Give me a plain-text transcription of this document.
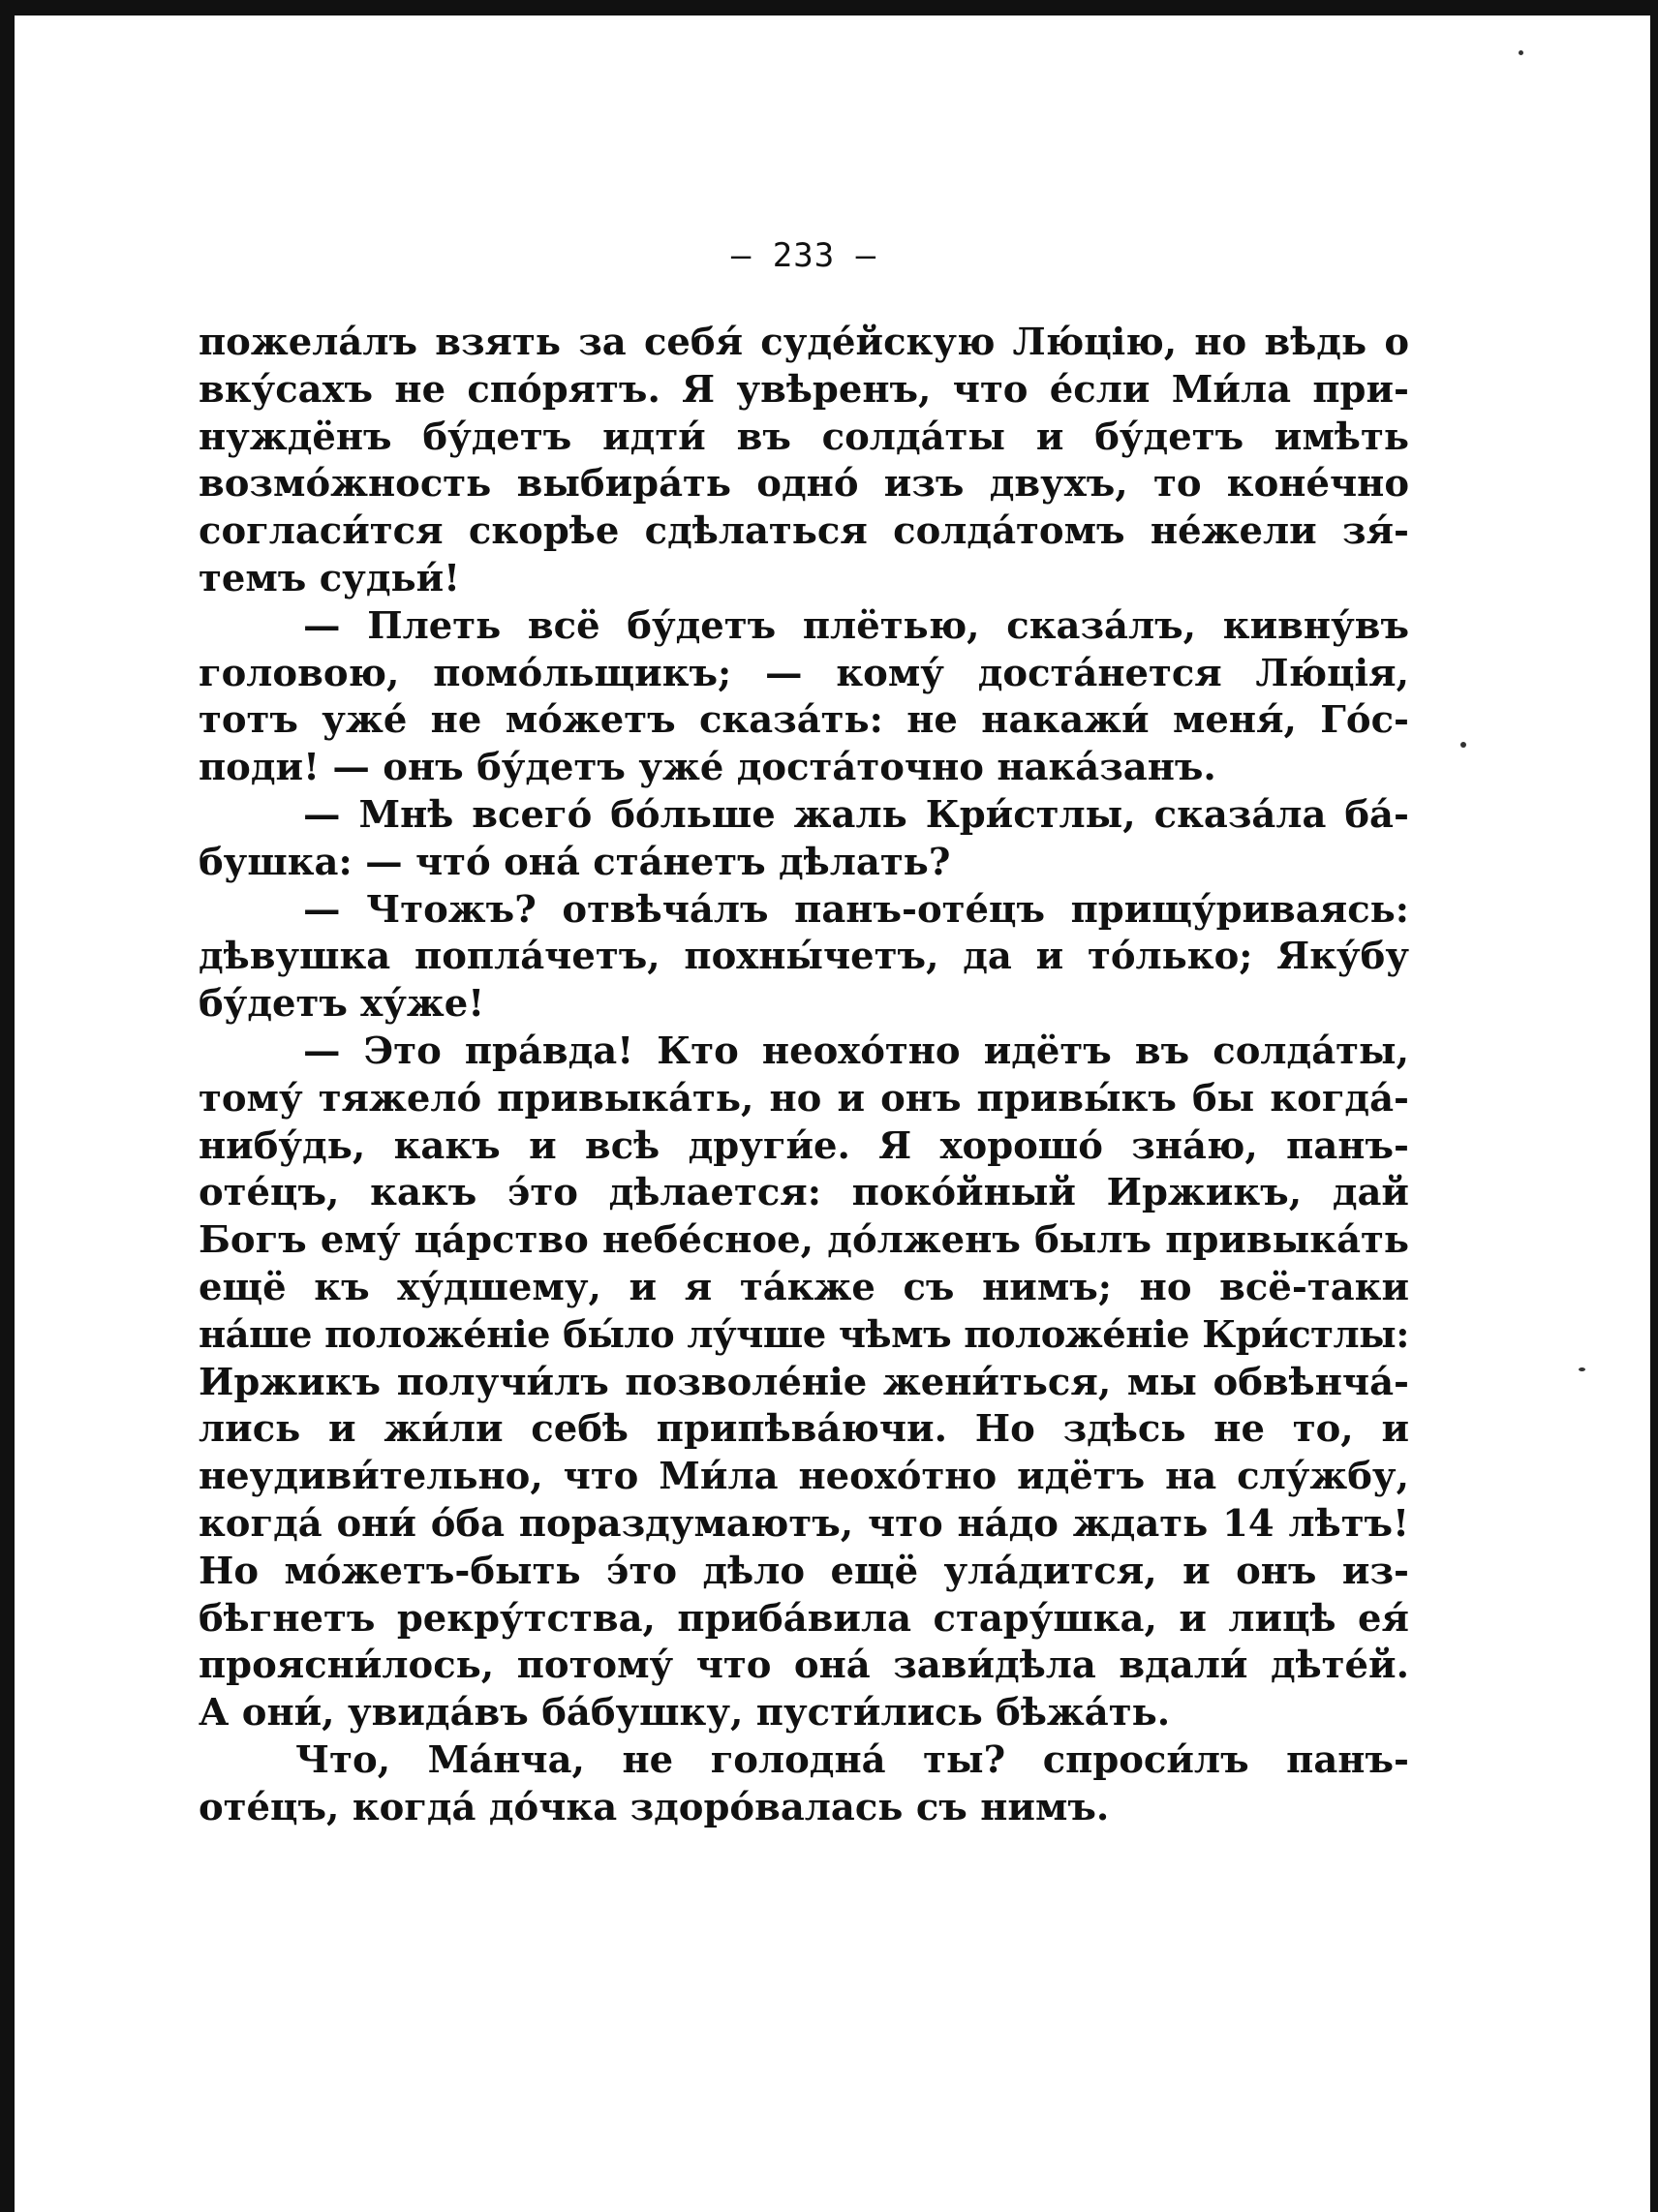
— 233 —
пожела́лъ взять за себя́ суде́йскую Лю́цію, но вѣдь о
вку́сахъ не спо́рятъ. Я увѣренъ, что е́сли Ми́ла при-
нуждёнъ бу́детъ идти́ въ солда́ты и бу́детъ имѣть
возмо́жность выбира́ть одно́ изъ двухъ, то коне́чно
согласи́тся скорѣе сдѣлаться солда́томъ не́жели зя́-
темъ судьи́!
— Плеть всё бу́детъ плётью, сказа́лъ, кивну́въ
головою, помо́льщикъ; — кому́ доста́нется Лю́ція,
тотъ уже́ не мо́жетъ сказа́ть: не накажи́ меня́, Го́с-
поди! — онъ бу́детъ уже́ доста́точно нака́занъ.
— Мнѣ всего́ бо́льше жаль Кри́стлы, сказа́ла ба́-
бушка: — что́ она́ ста́нетъ дѣлать?
— Чтожъ? отвѣча́лъ панъ-оте́цъ прищу́риваясь:
дѣвушка попла́четъ, похны́четъ, да и то́лько; Яку́бу
бу́детъ ху́же!
— Это пра́вда! Кто неохо́тно идётъ въ солда́ты,
тому́ тяжело́ привыка́ть, но и онъ привы́къ бы когда́-
нибу́дь, какъ и всѣ други́е. Я хорошо́ зна́ю, панъ-
оте́цъ, какъ э́то дѣлается: поко́йный Иржикъ, дай
Богъ ему́ ца́рство небе́сное, до́лженъ былъ привыка́ть
ещё къ ху́дшему, и я та́кже съ нимъ; но всё-таки
на́ше положе́ніе бы́ло лу́чше чѣмъ положе́ніе Кри́стлы:
Иржикъ получи́лъ позволе́ніе жени́ться, мы обвѣнча́-
лись и жи́ли себѣ припѣва́ючи. Но здѣсь не то, и
неудиви́тельно, что Ми́ла неохо́тно идётъ на слу́жбу,
когда́ они́ о́ба пораздумаютъ, что на́до ждать 14 лѣтъ!
Но мо́жетъ-быть э́то дѣло ещё ула́дится, и онъ из-
бѣгнетъ рекру́тства, приба́вила стару́шка, и лицѣ ея́
проясни́лось, потому́ что она́ зави́дѣла вдали́ дѣте́й.
А они́, увида́въ ба́бушку, пусти́лись бѣжа́ть.
Что, Ма́нча, не голодна́ ты? спроси́лъ панъ-
оте́цъ, когда́ до́чка здоро́валась съ нимъ.
